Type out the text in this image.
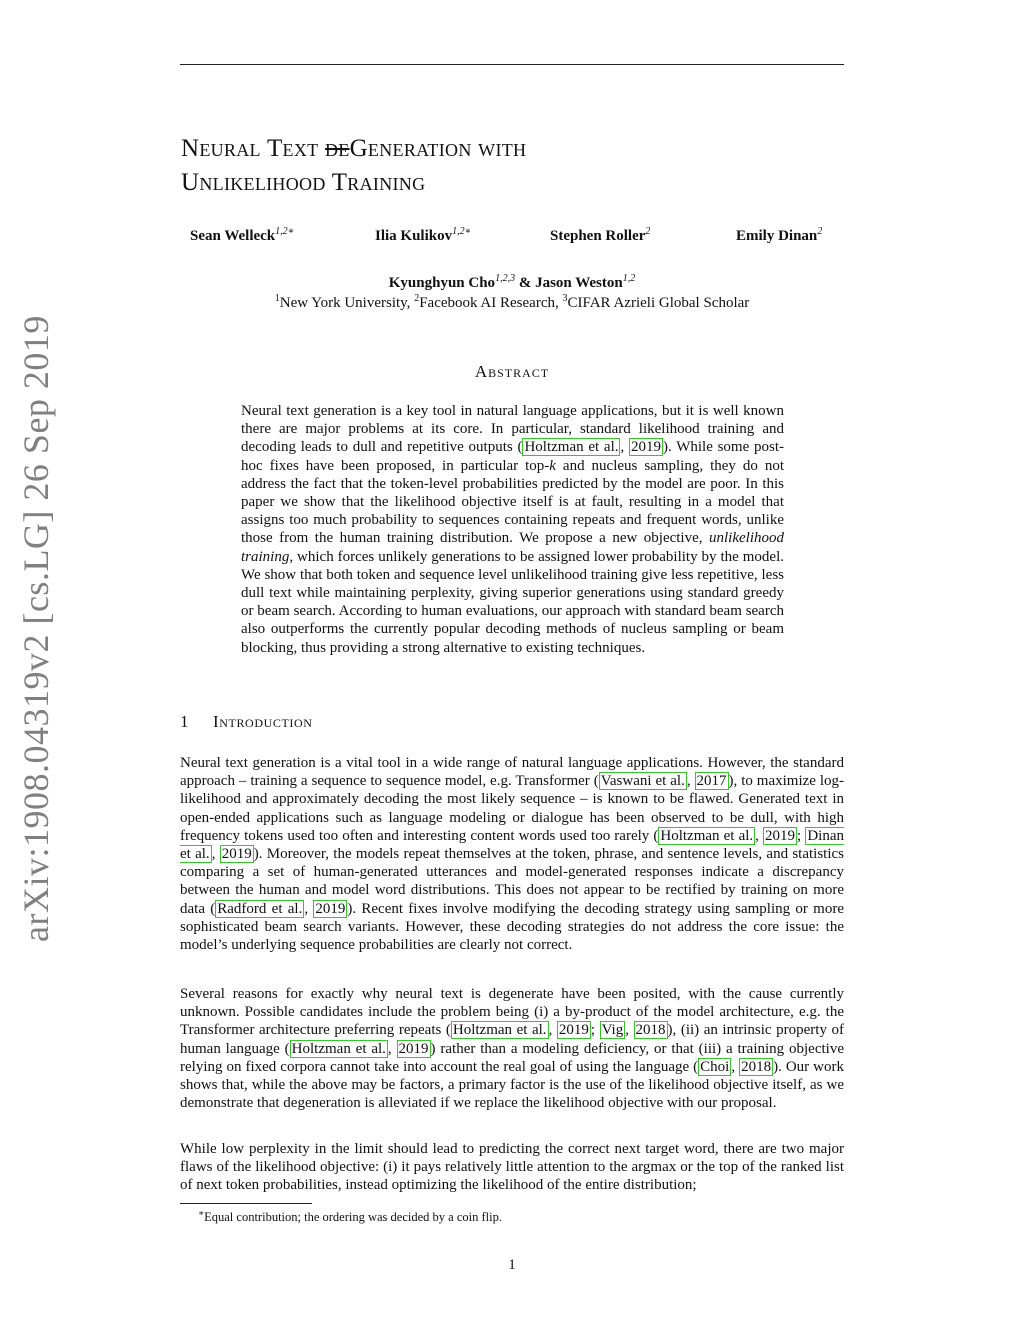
arXiv:1908.04319v2 [cs.LG] 26 Sep 2019
Neural Text deGeneration with
Unlikelihood Training
Sean Welleck$^{1,2∗}$	Ilia Kulikov$^{1,2∗}$	Stephen Roller$^2$	Emily Dinan$^2$
Kyunghyun Cho$^{1,2,3}$ & Jason Weston$^{1,2}$
$^1$New York University, $^2$Facebook AI Research, $^3$CIFAR Azrieli Global Scholar
Abstract
Neural text generation is a key tool in natural language applications, but it is well known there are major problems at its core. In particular, standard likelihood training and decoding leads to dull and repetitive outputs ( Holtzman et al. , 2019 ). While some post-hoc fixes have been proposed, in particular top-k and nucleus sampling, they do not address the fact that the token-level probabilities predicted by the model are poor. In this paper we show that the likelihood objective itself is at fault, resulting in a model that assigns too much probability to sequences containing repeats and frequent words, unlike those from the human training distribution. We propose a new objective, unlikelihood training, which forces unlikely generations to be assigned lower probability by the model. We show that both token and sequence level unlikelihood training give less repetitive, less dull text while maintaining perplexity, giving superior generations using standard greedy or beam search. According to human evaluations, our approach with standard beam search also outperforms the currently popular decoding methods of nucleus sampling or beam blocking, thus providing a strong alternative to existing techniques.
1 Introduction
Neural text generation is a vital tool in a wide range of natural language applications. However, the standard approach – training a sequence to sequence model, e.g. Transformer ( Vaswani et al. , 2017 ), to maximize log-likelihood and approximately decoding the most likely sequence – is known to be flawed. Generated text in open-ended applications such as language modeling or dialogue has been observed to be dull, with high frequency tokens used too often and interesting content words used too rarely ( Holtzman et al. , 2019 ; Dinan et al. , 2019 ). Moreover, the models repeat themselves at the token, phrase, and sentence levels, and statistics comparing a set of human-generated utterances and model-generated responses indicate a discrepancy between the human and model word distributions. This does not appear to be rectified by training on more data ( Radford et al. , 2019 ). Recent fixes involve modifying the decoding strategy using sampling or more sophisticated beam search variants. However, these decoding strategies do not address the core issue: the model’s underlying sequence probabilities are clearly not correct.
Several reasons for exactly why neural text is degenerate have been posited, with the cause currently unknown. Possible candidates include the problem being (i) a by-product of the model architecture, e.g. the Transformer architecture preferring repeats ( Holtzman et al. , 2019 ; Vig , 2018 ), (ii) an intrinsic property of human language ( Holtzman et al. , 2019 ) rather than a modeling deficiency, or that (iii) a training objective relying on fixed corpora cannot take into account the real goal of using the language ( Choi , 2018 ). Our work shows that, while the above may be factors, a primary factor is the use of the likelihood objective itself, as we demonstrate that degeneration is alleviated if we replace the likelihood objective with our proposal.
While low perplexity in the limit should lead to predicting the correct next target word, there are two major flaws of the likelihood objective: (i) it pays relatively little attention to the argmax or the top of the ranked list of next token probabilities, instead optimizing the likelihood of the entire distribution;
∗Equal contribution; the ordering was decided by a coin flip.
1
